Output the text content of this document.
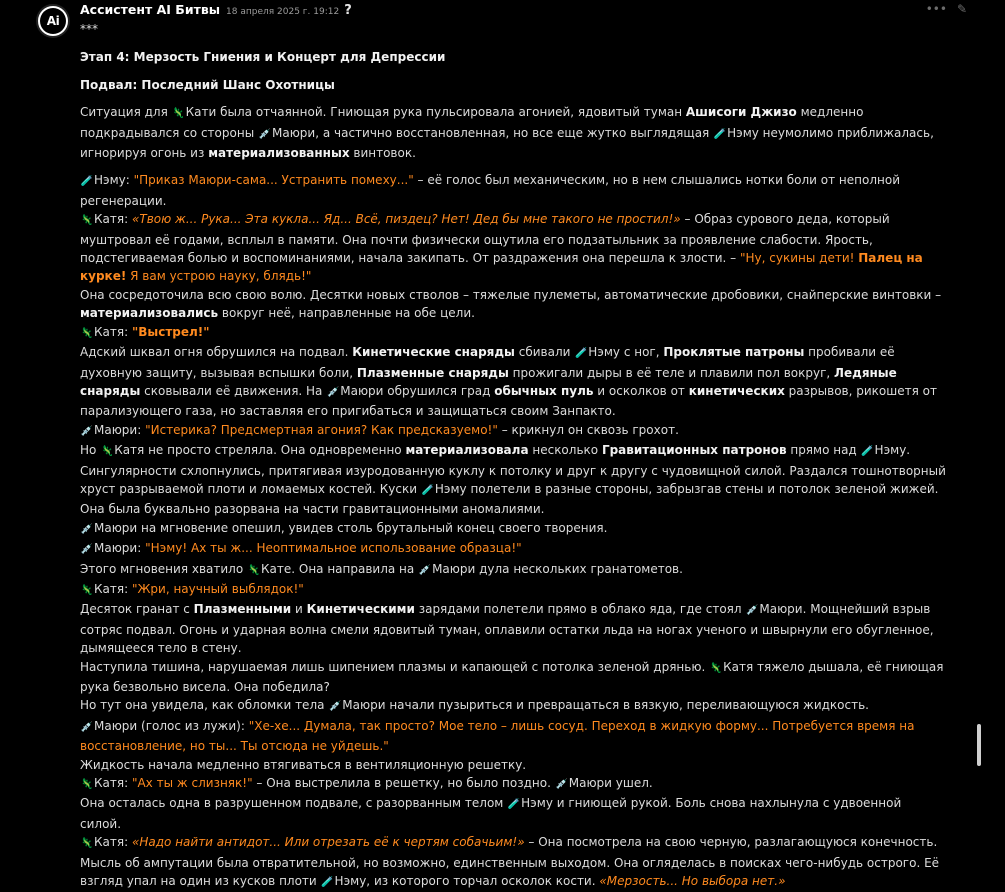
Ai
Ассистент AI Битвы 18 апреля 2025 г. 19:12 ?	••• ✎

***

Этап 4: Мерзость Гниения и Концерт для Депрессии

Подвал: Последний Шанс Охотницы

Ситуация для 🦎Кати была отчаянной. Гниющая рука пульсировала агонией, ядовитый туман Ашисоги Джизо медленно подкрадывался со стороны 💉Маюри, а частично восстановленная, но все еще жутко выглядящая 🧪Нэму неумолимо приближалась, игнорируя огонь из материализованных винтовок.

🧪Нэму: "Приказ Маюри-сама... Устранить помеху..." – её голос был механическим, но в нем слышались нотки боли от неполной регенерации.

🦎Катя: «Твою ж... Рука... Эта кукла... Яд... Всё, пиздец? Нет! Дед бы мне такого не простил!» – Образ сурового деда, который муштровал её годами, всплыл в памяти. Она почти физически ощутила его подзатыльник за проявление слабости. Ярость, подстегиваемая болью и воспоминаниями, начала закипать. От раздражения она перешла к злости. – "Ну, сукины дети! Палец на курке! Я вам устрою науку, блядь!"

Она сосредоточила всю свою волю. Десятки новых стволов – тяжелые пулеметы, автоматические дробовики, снайперские винтовки – материализовались вокруг неё, направленные на обе цели.

🦎Катя: "Выстрел!"

Адский шквал огня обрушился на подвал. Кинетические снаряды сбивали 🧪Нэму с ног, Проклятые патроны пробивали её духовную защиту, вызывая вспышки боли, Плазменные снаряды прожигали дыры в её теле и плавили пол вокруг, Ледяные снаряды сковывали её движения. На 💉Маюри обрушился град обычных пуль и осколков от кинетических разрывов, рикошетя от парализующего газа, но заставляя его пригибаться и защищаться своим Занпакто.

💉Маюри: "Истерика? Предсмертная агония? Как предсказуемо!" – крикнул он сквозь грохот.

Но 🦎Катя не просто стреляла. Она одновременно материализовала несколько Гравитационных патронов прямо над 🧪Нэму. Сингулярности схлопнулись, притягивая изуродованную куклу к потолку и друг к другу с чудовищной силой. Раздался тошнотворный хруст разрываемой плоти и ломаемых костей. Куски 🧪Нэму полетели в разные стороны, забрызгав стены и потолок зеленой жижей. Она была буквально разорвана на части гравитационными аномалиями.

💉Маюри на мгновение опешил, увидев столь брутальный конец своего творения.

💉Маюри: "Нэму! Ах ты ж... Неоптимальное использование образца!"

Этого мгновения хватило 🦎Кате. Она направила на 💉Маюри дула нескольких гранатометов.

🦎Катя: "Жри, научный выблядок!"

Десяток гранат с Плазменными и Кинетическими зарядами полетели прямо в облако яда, где стоял 💉Маюри. Мощнейший взрыв сотряс подвал. Огонь и ударная волна смели ядовитый туман, оплавили остатки льда на ногах ученого и швырнули его обугленное, дымящееся тело в стену.

Наступила тишина, нарушаемая лишь шипением плазмы и капающей с потолка зеленой дрянью. 🦎Катя тяжело дышала, её гниющая рука безвольно висела. Она победила?

Но тут она увидела, как обломки тела 💉Маюри начали пузыриться и превращаться в вязкую, переливающуюся жидкость.

💉Маюри (голос из лужи): "Хе-хе... Думала, так просто? Мое тело – лишь сосуд. Переход в жидкую форму... Потребуется время на восстановление, но ты... Ты отсюда не уйдешь."

Жидкость начала медленно втягиваться в вентиляционную решетку.

🦎Катя: "Ах ты ж слизняк!" – Она выстрелила в решетку, но было поздно. 💉Маюри ушел.

Она осталась одна в разрушенном подвале, с разорванным телом 🧪Нэму и гниющей рукой. Боль снова нахлынула с удвоенной силой.

🦎Катя: «Надо найти антидот... Или отрезать её к чертям собачьим!» – Она посмотрела на свою черную, разлагающуюся конечность. Мысль об ампутации была отвратительной, но возможно, единственным выходом. Она огляделась в поисках чего-нибудь острого. Её взгляд упал на один из кусков плоти 🧪Нэму, из которого торчал осколок кости. «Мерзость... Но выбора нет.»
